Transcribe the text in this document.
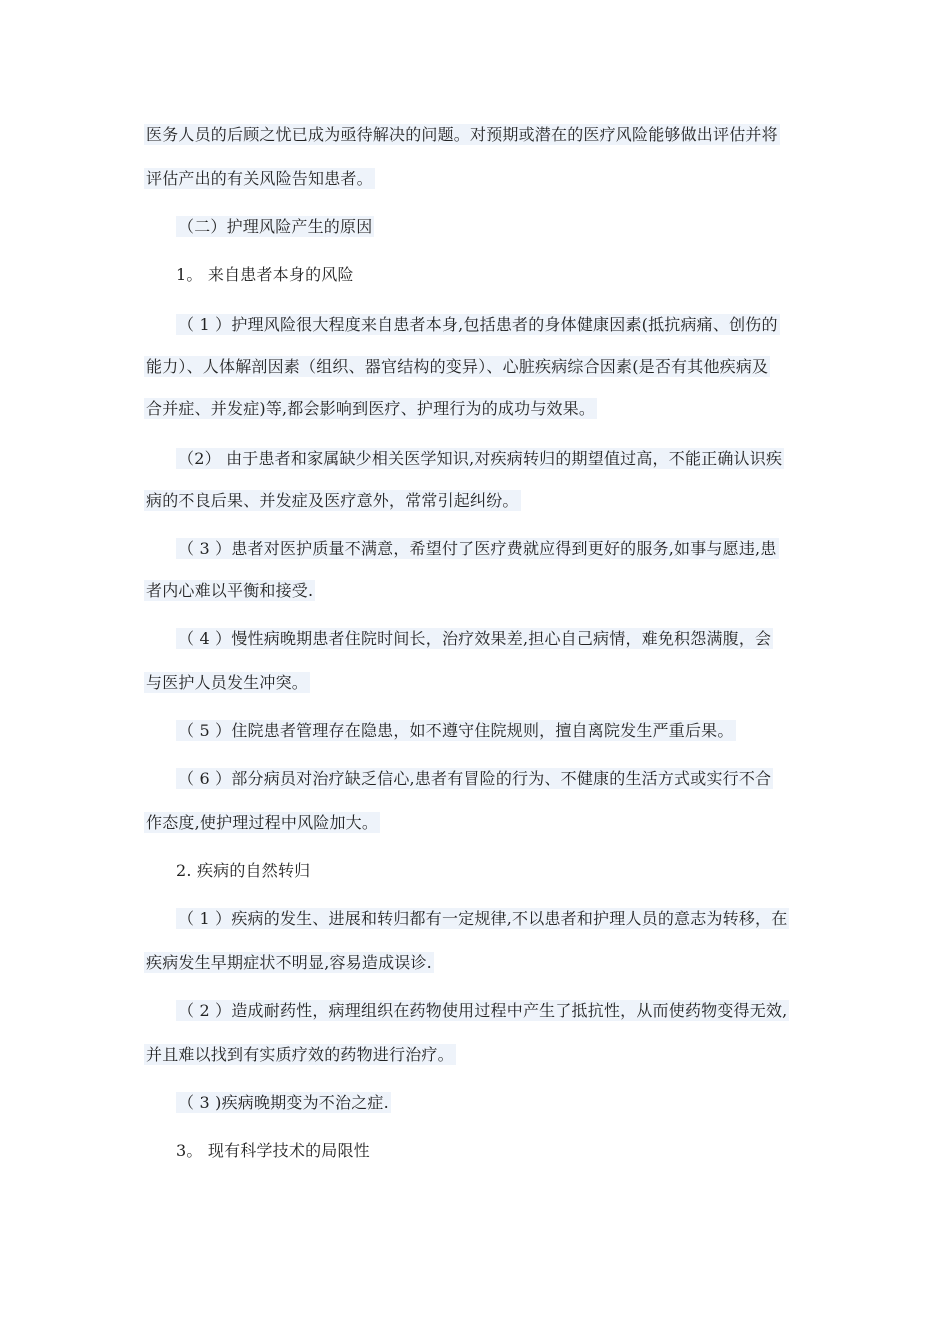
医务人员的后顾之忧已成为亟待解决的问题。对预期或潜在的医疗风险能够做出评估并将
评估产出的有关风险告知患者。
（二）护理风险产生的原因
1。 来自患者本身的风险
（ 1 ）护理风险很大程度来自患者本身,包括患者的身体健康因素(抵抗病痛、创伤的
能力）、人体解剖因素（组织、器官结构的变异）、心脏疾病综合因素(是否有其他疾病及
合并症、并发症)等,都会影响到医疗、护理行为的成功与效果。
（2） 由于患者和家属缺少相关医学知识,对疾病转归的期望值过高，不能正确认识疾
病的不良后果、并发症及医疗意外，常常引起纠纷。
（ 3 ）患者对医护质量不满意，希望付了医疗费就应得到更好的服务,如事与愿违,患
者内心难以平衡和接受.
（ 4 ）慢性病晚期患者住院时间长，治疗效果差,担心自己病情，难免积怨满腹，会
与医护人员发生冲突。
（ 5 ）住院患者管理存在隐患，如不遵守住院规则，擅自离院发生严重后果。
（ 6 ）部分病员对治疗缺乏信心,患者有冒险的行为、不健康的生活方式或实行不合
作态度,使护理过程中风险加大。
2. 疾病的自然转归
（ 1 ）疾病的发生、进展和转归都有一定规律,不以患者和护理人员的意志为转移，在
疾病发生早期症状不明显,容易造成误诊.
（ 2 ）造成耐药性，病理组织在药物使用过程中产生了抵抗性，从而使药物变得无效,
并且难以找到有实质疗效的药物进行治疗。
（ 3 )疾病晚期变为不治之症.
3。 现有科学技术的局限性
